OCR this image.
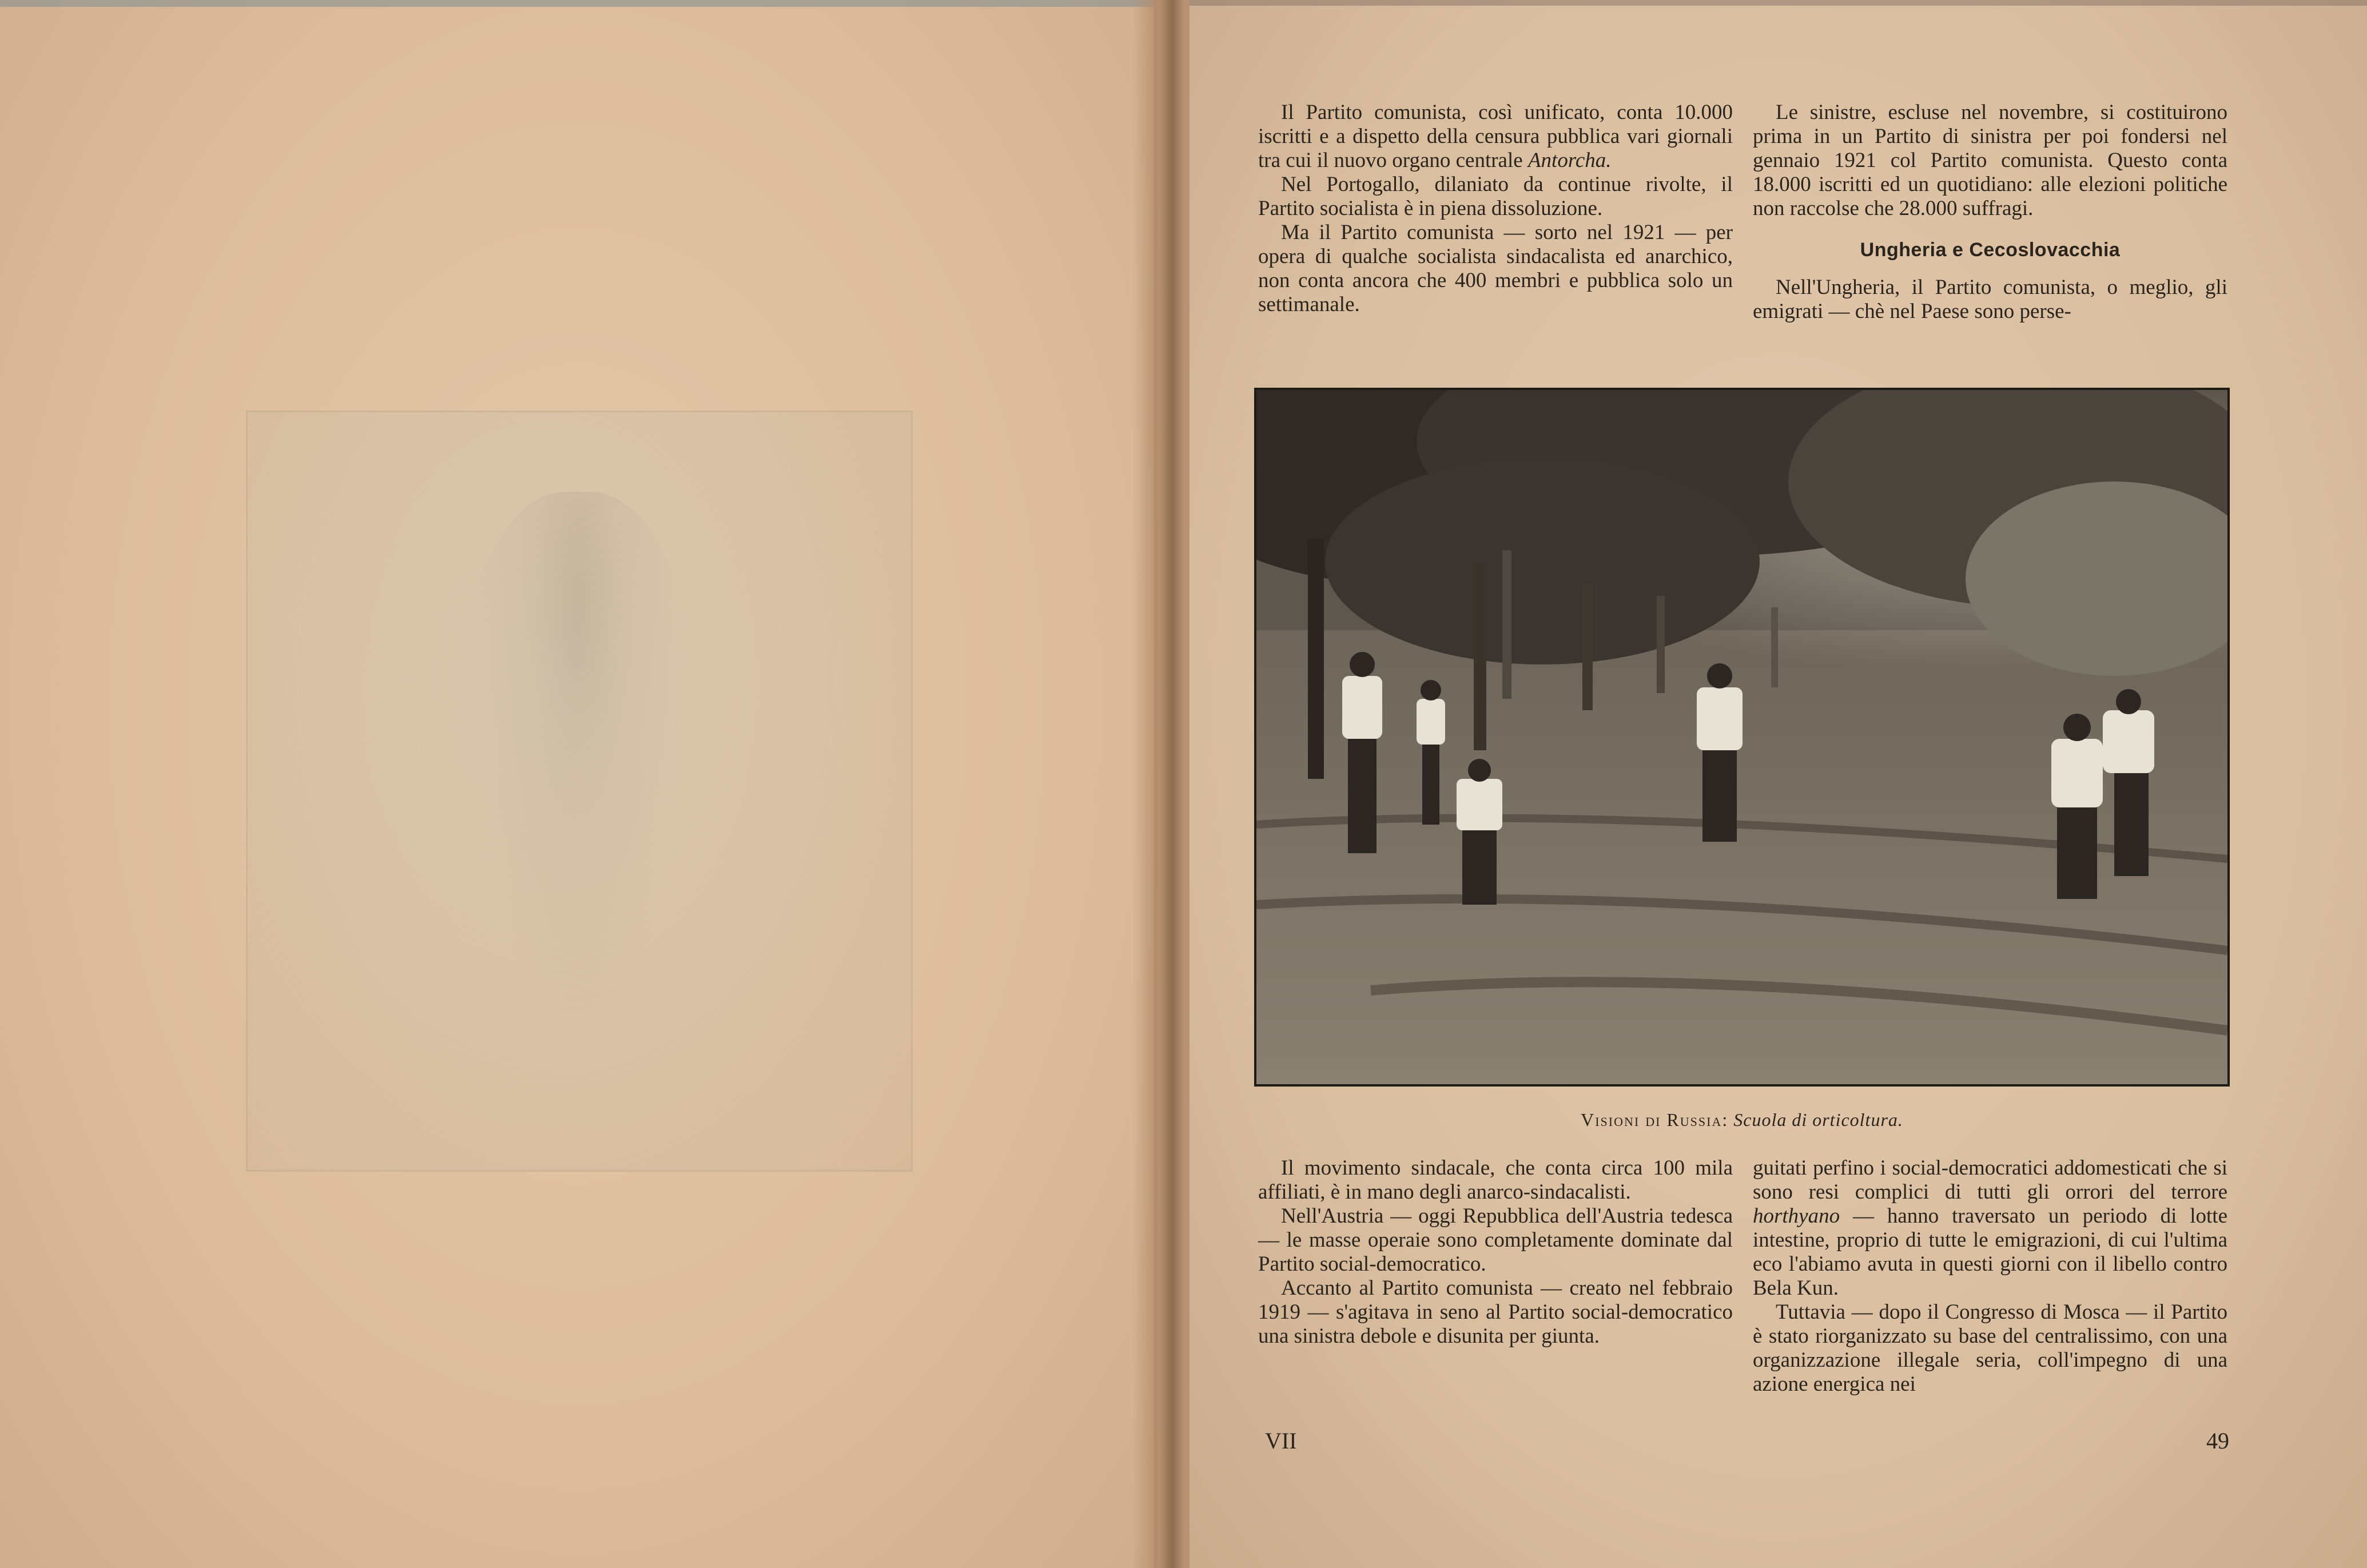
Il Partito comunista, così unificato, conta 10.000 iscritti e a dispetto della censura pubblica vari giornali tra cui il nuovo organo centrale Antorcha.

Nel Portogallo, dilaniato da continue rivolte, il Partito socialista è in piena dissoluzione.

Ma il Partito comunista — sorto nel 1921 — per opera di qualche socialista sindacalista ed anarchico, non conta ancora che 400 membri e pubblica solo un settimanale.

Le sinistre, escluse nel novembre, si costituirono prima in un Partito di sinistra per poi fondersi nel gennaio 1921 col Partito comunista. Questo conta 18.000 iscritti ed un quotidiano: alle elezioni politiche non raccolse che 28.000 suffragi.

Ungheria e Cecoslovacchia

Nell'Ungheria, il Partito comunista, o meglio, gli emigrati — chè nel Paese sono perse-

Visioni di Russia: Scuola di orticoltura.

Il movimento sindacale, che conta circa 100 mila affiliati, è in mano degli anarco-sindacalisti.

Nell'Austria — oggi Repubblica dell'Austria tedesca — le masse operaie sono completamente dominate dal Partito social-democratico.

Accanto al Partito comunista — creato nel febbraio 1919 — s'agitava in seno al Partito social-democratico una sinistra debole e disunita per giunta.

guitati perfino i social-democratici addomesticati che si sono resi complici di tutti gli orrori del terrore horthyano — hanno traversato un periodo di lotte intestine, proprio di tutte le emigrazioni, di cui l'ultima eco l'abiamo avuta in questi giorni con il libello contro Bela Kun.

Tuttavia — dopo il Congresso di Mosca — il Partito è stato riorganizzato su base del centralissimo, con una organizzazione illegale seria, coll'impegno di una azione energica nei

VII	49
